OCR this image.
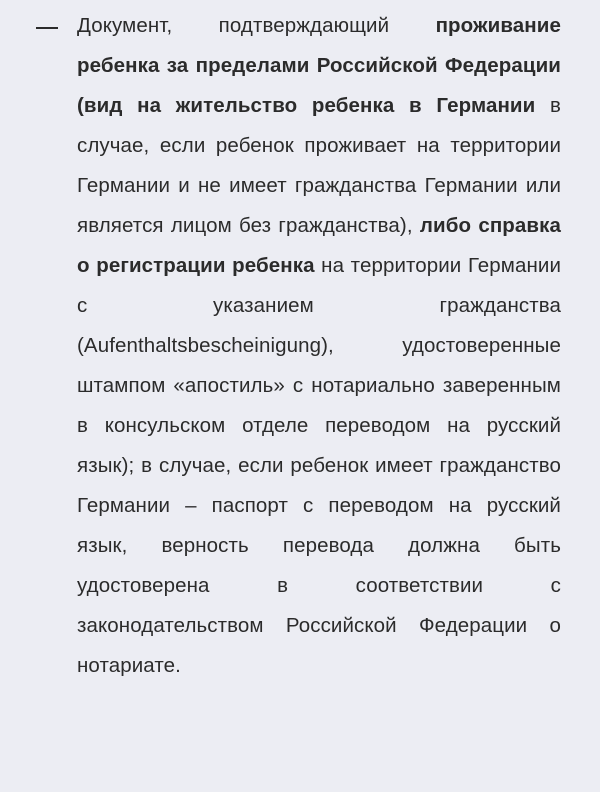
Документ, подтверждающий проживание ребенка за пределами Российской Федерации (вид на жительство ребенка в Германии в случае, если ребенок проживает на территории Германии и не имеет гражданства Германии или является лицом без гражданства), либо справка о регистрации ребенка на территории Германии с указанием гражданства (Aufenthaltsbescheinigung), удостоверенные штампом «апостиль» с нотариально заверенным в консульском отделе переводом на русский язык); в случае, если ребенок имеет гражданство Германии – паспорт с переводом на русский язык, верность перевода должна быть удостоверена в соответствии с законодательством Российской Федерации о нотариате.
